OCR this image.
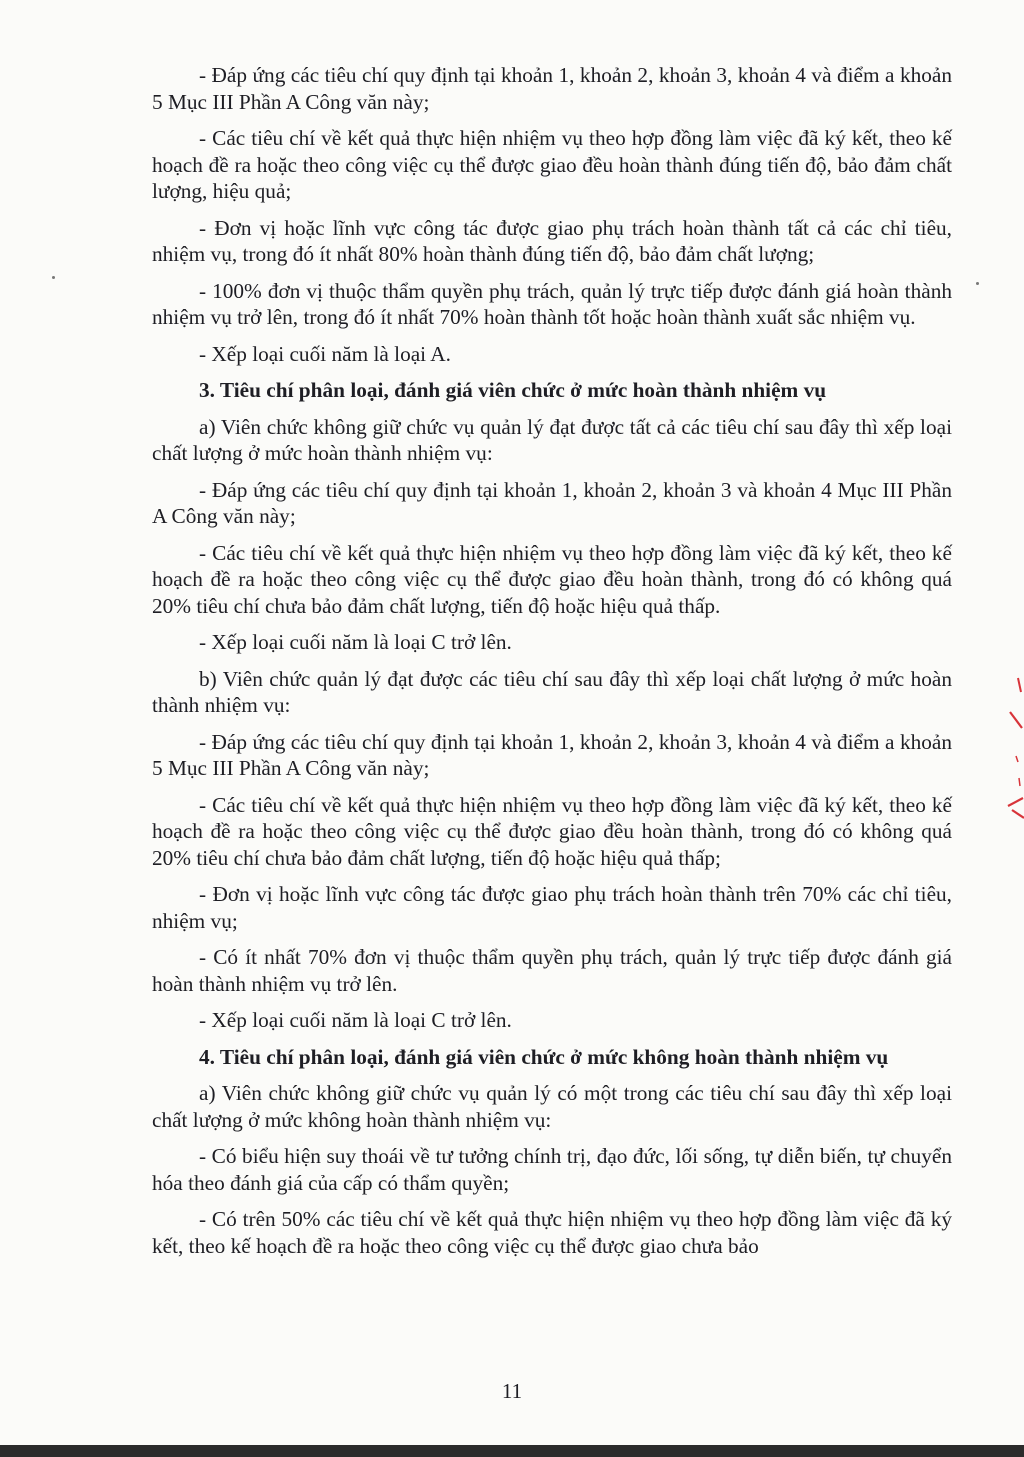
- Đáp ứng các tiêu chí quy định tại khoản 1, khoản 2, khoản 3, khoản 4 và điểm a khoản 5 Mục III Phần A Công văn này;

- Các tiêu chí về kết quả thực hiện nhiệm vụ theo hợp đồng làm việc đã ký kết, theo kế hoạch đề ra hoặc theo công việc cụ thể được giao đều hoàn thành đúng tiến độ, bảo đảm chất lượng, hiệu quả;

- Đơn vị hoặc lĩnh vực công tác được giao phụ trách hoàn thành tất cả các chỉ tiêu, nhiệm vụ, trong đó ít nhất 80% hoàn thành đúng tiến độ, bảo đảm chất lượng;

- 100% đơn vị thuộc thẩm quyền phụ trách, quản lý trực tiếp được đánh giá hoàn thành nhiệm vụ trở lên, trong đó ít nhất 70% hoàn thành tốt hoặc hoàn thành xuất sắc nhiệm vụ.

- Xếp loại cuối năm là loại A.

3. Tiêu chí phân loại, đánh giá viên chức ở mức hoàn thành nhiệm vụ

a) Viên chức không giữ chức vụ quản lý đạt được tất cả các tiêu chí sau đây thì xếp loại chất lượng ở mức hoàn thành nhiệm vụ:

- Đáp ứng các tiêu chí quy định tại khoản 1, khoản 2, khoản 3 và khoản 4 Mục III Phần A Công văn này;

- Các tiêu chí về kết quả thực hiện nhiệm vụ theo hợp đồng làm việc đã ký kết, theo kế hoạch đề ra hoặc theo công việc cụ thể được giao đều hoàn thành, trong đó có không quá 20% tiêu chí chưa bảo đảm chất lượng, tiến độ hoặc hiệu quả thấp.

- Xếp loại cuối năm là loại C trở lên.

b) Viên chức quản lý đạt được các tiêu chí sau đây thì xếp loại chất lượng ở mức hoàn thành nhiệm vụ:

- Đáp ứng các tiêu chí quy định tại khoản 1, khoản 2, khoản 3, khoản 4 và điểm a khoản 5 Mục III Phần A Công văn này;

- Các tiêu chí về kết quả thực hiện nhiệm vụ theo hợp đồng làm việc đã ký kết, theo kế hoạch đề ra hoặc theo công việc cụ thể được giao đều hoàn thành, trong đó có không quá 20% tiêu chí chưa bảo đảm chất lượng, tiến độ hoặc hiệu quả thấp;

- Đơn vị hoặc lĩnh vực công tác được giao phụ trách hoàn thành trên 70% các chỉ tiêu, nhiệm vụ;

- Có ít nhất 70% đơn vị thuộc thẩm quyền phụ trách, quản lý trực tiếp được đánh giá hoàn thành nhiệm vụ trở lên.

- Xếp loại cuối năm là loại C trở lên.

4. Tiêu chí phân loại, đánh giá viên chức ở mức không hoàn thành nhiệm vụ

a) Viên chức không giữ chức vụ quản lý có một trong các tiêu chí sau đây thì xếp loại chất lượng ở mức không hoàn thành nhiệm vụ:

- Có biểu hiện suy thoái về tư tưởng chính trị, đạo đức, lối sống, tự diễn biến, tự chuyển hóa theo đánh giá của cấp có thẩm quyền;

- Có trên 50% các tiêu chí về kết quả thực hiện nhiệm vụ theo hợp đồng làm việc đã ký kết, theo kế hoạch đề ra hoặc theo công việc cụ thể được giao chưa bảo

11
